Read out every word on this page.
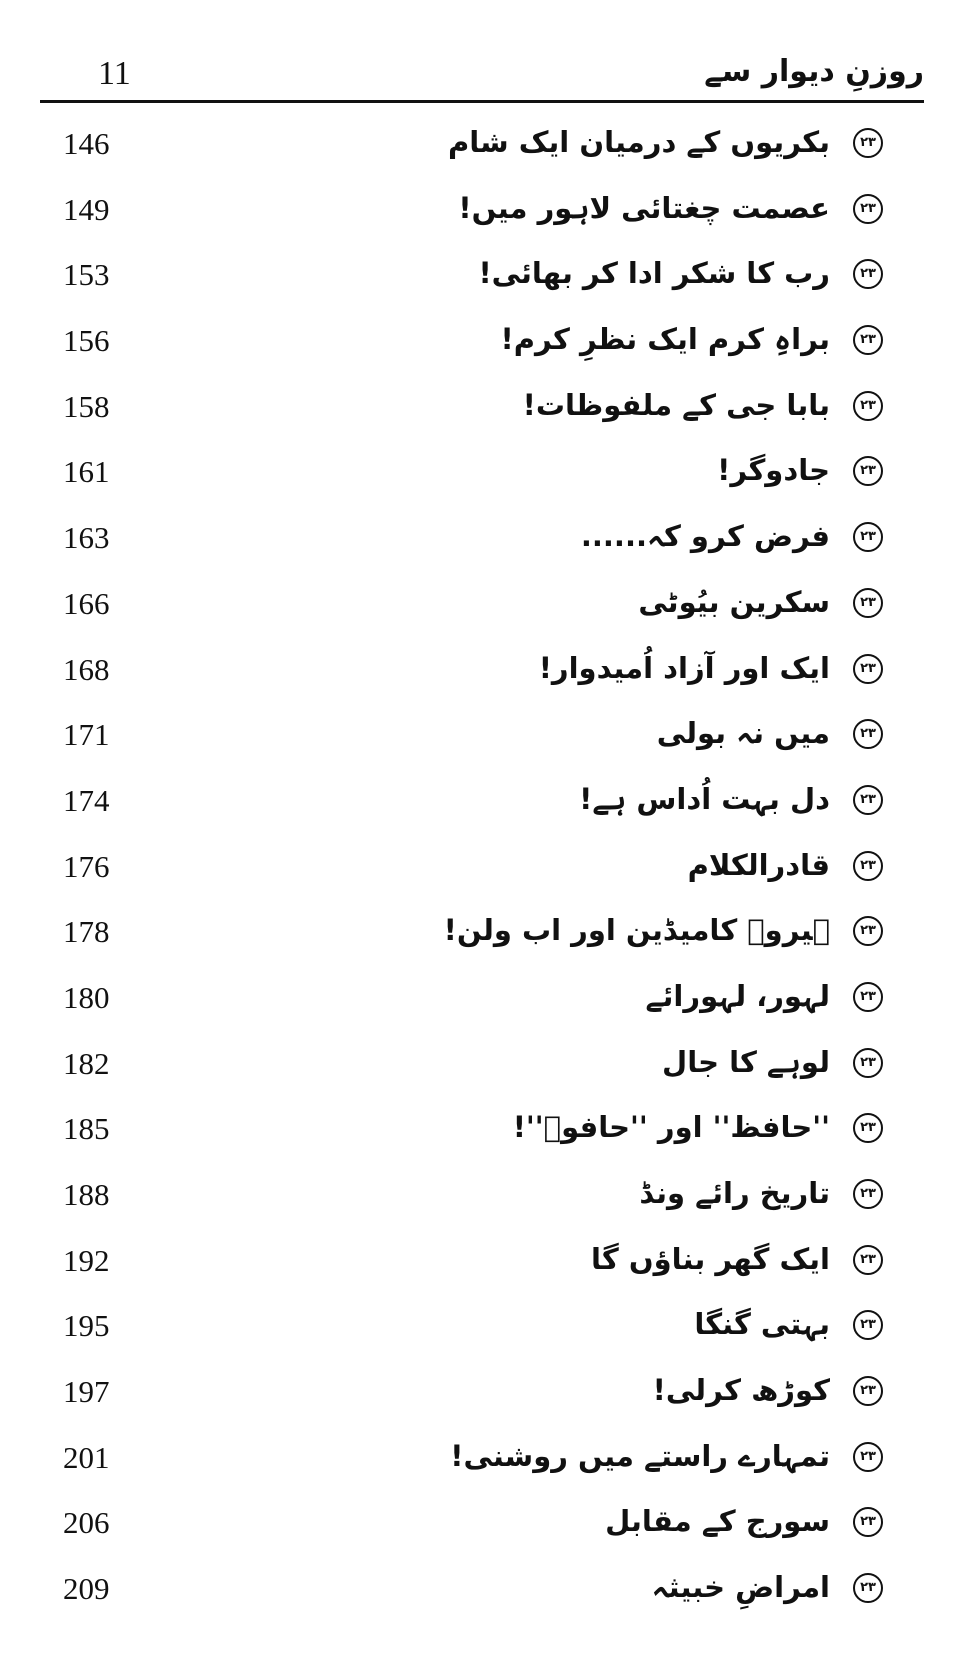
11	روزنِ دیوار سے
146	بکریوں کے درمیان ایک شام	۲۳
149	عصمت چغتائی لاہور میں!	۲۳
153	رب کا شکر ادا کر بھائی!	۲۳
156	براہِ کرم ایک نظرِ کرم!	۲۳
158	بابا جی کے ملفوظات!	۲۳
161	جادوگر!	۲۳
163	فرض کرو کہ......	۲۳
166	سکرین بیُوٹی	۲۳
168	ایک اور آزاد اُمیدوار!	۲۳
171	میں نہ بولی	۲۳
174	دل بہت اُداس ہے!	۲۳
176	قادرالکلام	۲۳
178	ہیروؔ کامیڈین اور اب ولن!	۲۳
180	لہور، لہورائے	۲۳
182	لوہے کا جال	۲۳
185	''حافظ'' اور ''حافوؔ''!	۲۳
188	تاریخ رائے ونڈ	۲۳
192	ایک گھر بناؤں گا	۲۳
195	بہتی گنگا	۲۳
197	کوڑھ کرلی!	۲۳
201	تمہارے راستے میں روشنی!	۲۳
206	سورج کے مقابل	۲۳
209	امراضِ خبیثہ	۲۳
